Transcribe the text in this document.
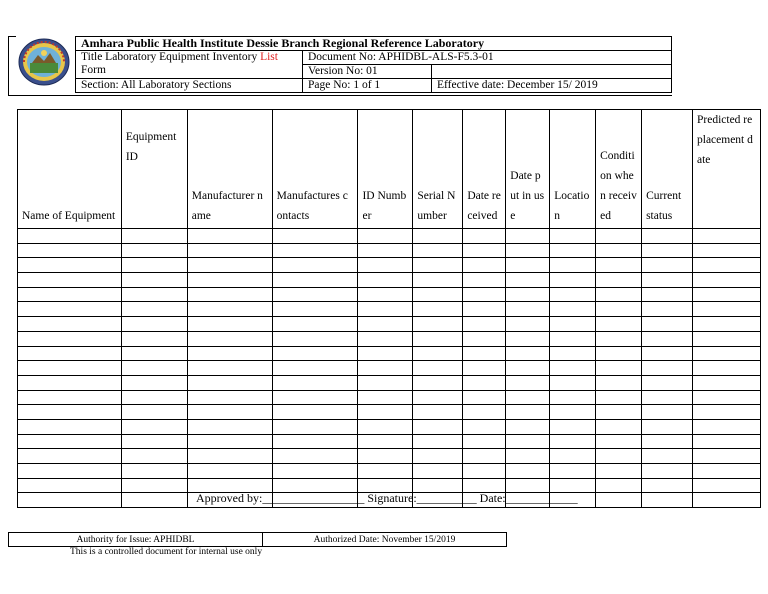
Amhara Public Health Institute Dessie Branch Regional Reference Laboratory		
Title Laboratory Equipment Inventory List
Form	Document No: APHIDBL-ALS-F5.3-01	
	Version No: 01	
Section: All Laboratory Sections	Page No: 1 of 1	Effective date: December 15/ 2019
Name of Equipment	Equipment ID	Manufacturer name	Manufactures contacts	ID Number	Serial Number	Date received	Date put in use	Location	Condition when received	Current status	Predicted replacement date

Approved by:_________________ Signature:__________ Date:____________
Authority for Issue: APHIDBL	Authorized Date: November 15/2019
This is a controlled document for internal use only
